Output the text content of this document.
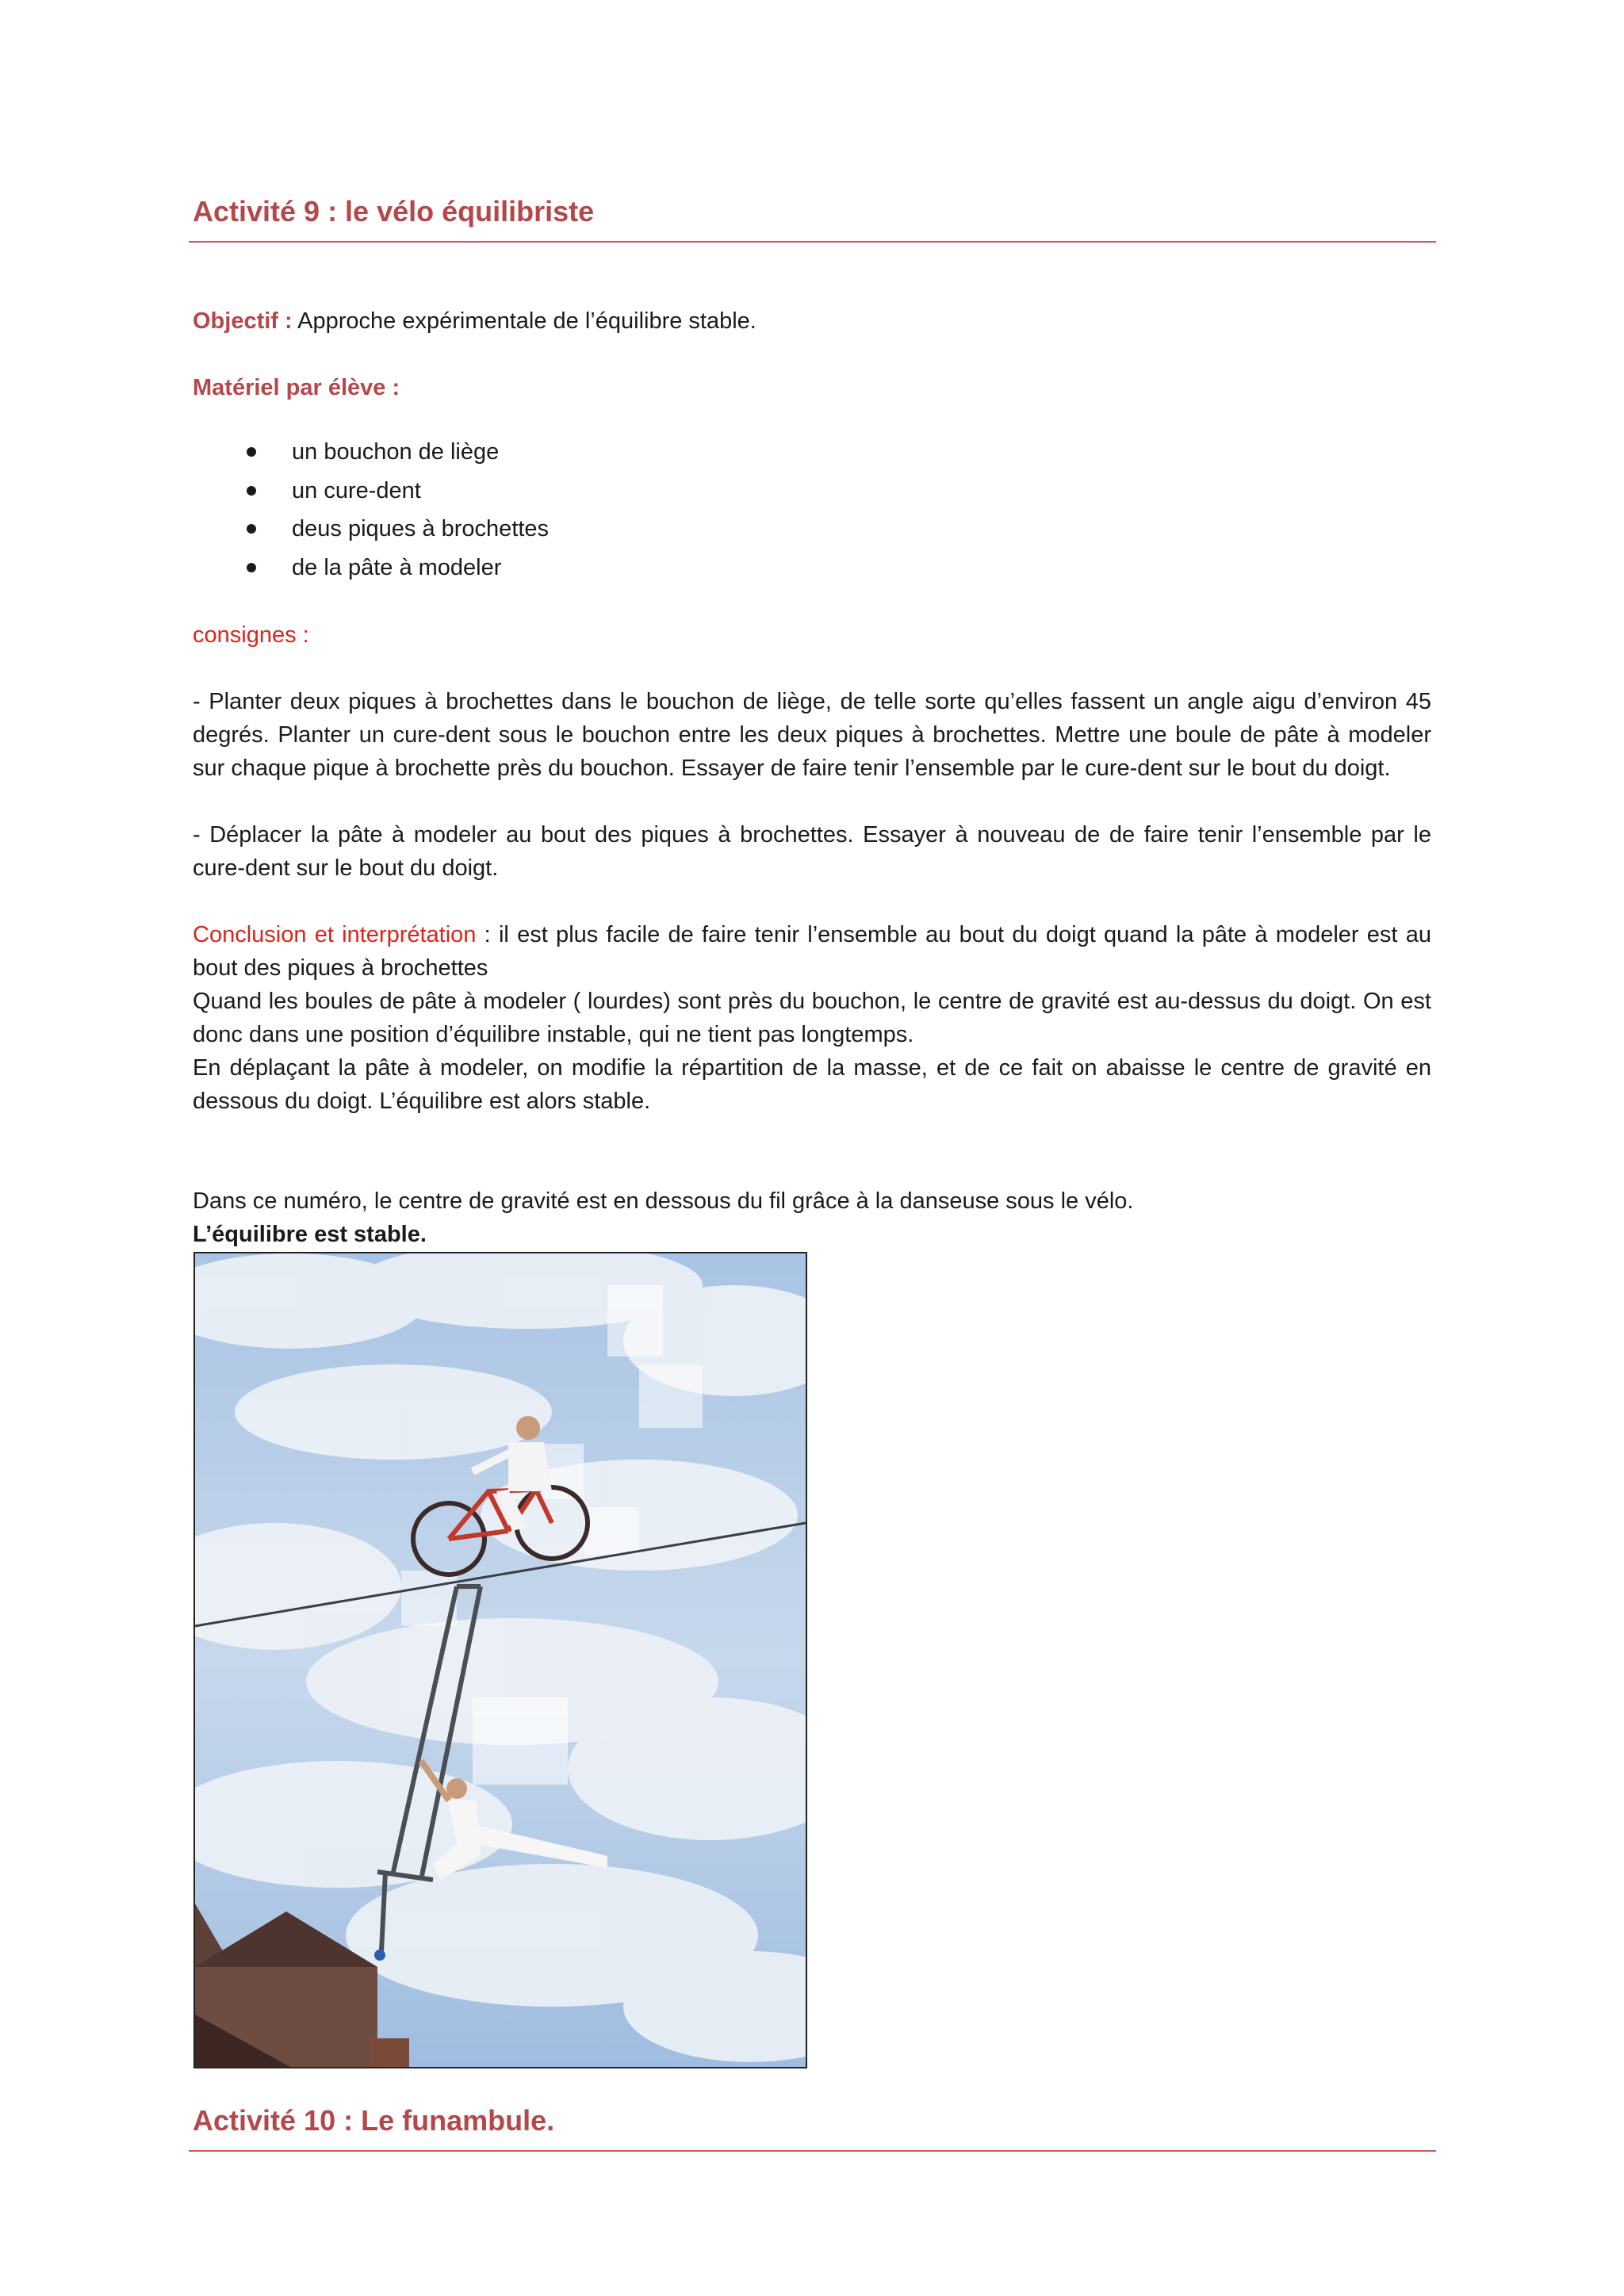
Activité 9 : le vélo équilibriste

Objectif : Approche expérimentale de l’équilibre stable.

Matériel par élève :

un bouchon de liège
un cure-dent
deus piques à brochettes
de la pâte à modeler

consignes :

- Planter deux piques à brochettes dans le bouchon de liège, de telle sorte qu’elles fassent un angle aigu d’environ 45 degrés. Planter un cure-dent sous le bouchon entre les deux piques à brochettes. Mettre une boule de pâte à modeler sur chaque pique à brochette près du bouchon. Essayer de faire tenir l’ensemble par le cure-dent sur le bout du doigt.

- Déplacer la pâte à modeler au bout des piques à brochettes. Essayer à nouveau de de faire tenir l’ensemble par le cure-dent sur le bout du doigt.

Conclusion et interprétation : il est plus facile de faire tenir l’ensemble au bout du doigt quand la pâte à modeler est au bout des piques à brochettes

Quand les boules de pâte à modeler ( lourdes) sont près du bouchon, le centre de gravité est au-dessus du doigt. On est donc dans une position d’équilibre instable, qui ne tient pas longtemps.

En déplaçant la pâte à modeler, on modifie la répartition de la masse, et de ce fait on abaisse le centre de gravité en dessous du doigt. L’équilibre est alors stable.

Dans ce numéro, le centre de gravité est en dessous du fil grâce à la danseuse sous le vélo.

L’équilibre est stable.

Activité 10 : Le funambule.
